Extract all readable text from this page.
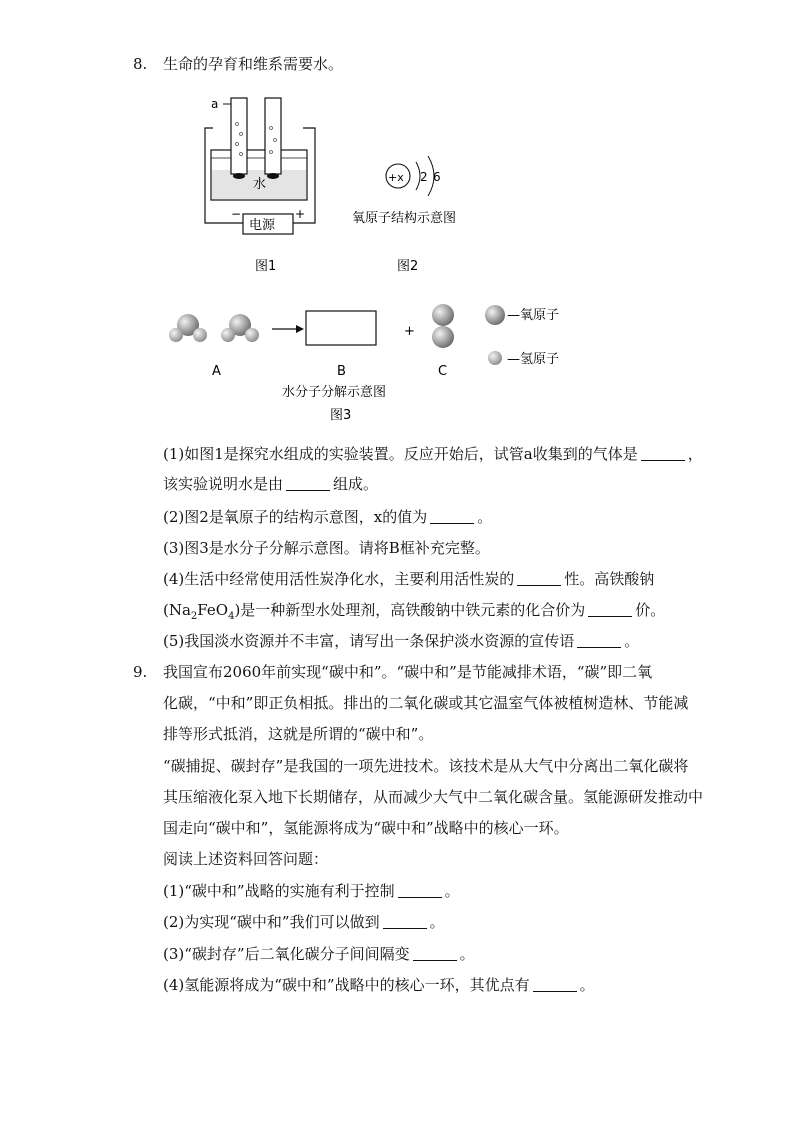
8. 生命的孕育和维系需要水。
a
水
电源
−	+
图1
+x 2 6
氧原子结构示意图
图2
A	B
+
C
—氧原子
—氢原子
水分子分解示意图
图3
(1)如图1是探究水组成的实验装置。反应开始后，试管a收集到的气体是	，
该实验说明水是由	组成。
(2)图2是氧原子的结构示意图，x的值为	。
(3)图3是水分子分解示意图。请将B框补充完整。
(4)生活中经常使用活性炭净化水，主要利用活性炭的	性。高铁酸钠
$(Na_2FeO_4)$是一种新型水处理剂，高铁酸钠中铁元素的化合价为	价。
(5)我国淡水资源并不丰富，请写出一条保护淡水资源的宣传语	。
9. 我国宣布2060年前实现“碳中和”。“碳中和”是节能减排术语，“碳”即二氧
化碳，“中和”即正负相抵。排出的二氧化碳或其它温室气体被植树造林、节能减
排等形式抵消，这就是所谓的“碳中和”。
“碳捕捉、碳封存”是我国的一项先进技术。该技术是从大气中分离出二氧化碳将
其压缩液化泵入地下长期储存，从而减少大气中二氧化碳含量。氢能源研发推动中
国走向“碳中和”，氢能源将成为“碳中和”战略中的核心一环。
阅读上述资料回答问题：
(1)“碳中和”战略的实施有利于控制	。
(2)为实现“碳中和”我们可以做到	。
(3)“碳封存”后二氧化碳分子间间隔变	。
(4)氢能源将成为“碳中和”战略中的核心一环，其优点有	。
